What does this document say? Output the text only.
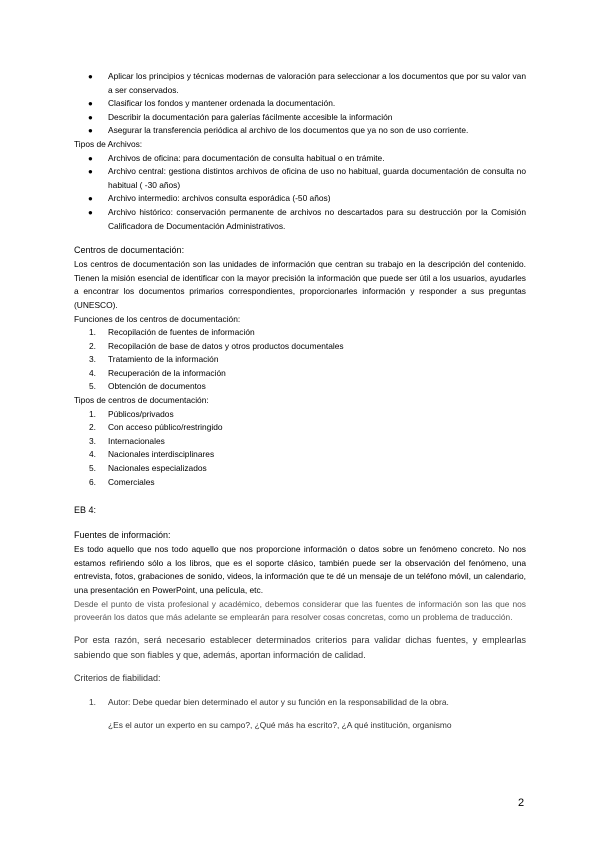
● Aplicar los principios y técnicas modernas de valoración para seleccionar a los documentos que por su valor van a ser conservados.
● Clasificar los fondos y mantener ordenada la documentación.
● Describir la documentación para galerías fácilmente accesible la información
● Asegurar la transferencia periódica al archivo de los documentos que ya no son de uso corriente.

Tipos de Archivos:

● Archivos de oficina: para documentación de consulta habitual o en trámite.
● Archivo central: gestiona distintos archivos de oficina de uso no habitual, guarda documentación de consulta no habitual ( -30 años)
● Archivo intermedio: archivos consulta esporádica (-50 años)
● Archivo histórico: conservación permanente de archivos no descartados para su destrucción por la Comisión Calificadora de Documentación Administrativos.

Centros de documentación:

Los centros de documentación son las unidades de información que centran su trabajo en la descripción del contenido. Tienen la misión esencial de identificar con la mayor precisión la información que puede ser útil a los usuarios, ayudarles a encontrar los documentos primarios correspondientes, proporcionarles información y responder a sus preguntas (UNESCO).

Funciones de los centros de documentación:

1. Recopilación de fuentes de información
2. Recopilación de base de datos y otros productos documentales
3. Tratamiento de la información
4. Recuperación de la información
5. Obtención de documentos

Tipos de centros de documentación:

1. Públicos/privados
2. Con acceso público/restringido
3. Internacionales
4. Nacionales interdisciplinares
5. Nacionales especializados
6. Comerciales

EB 4:

Fuentes de información:

Es todo aquello que nos todo aquello que nos proporcione información o datos sobre un fenómeno concreto. No nos estamos refiriendo sólo a los libros, que es el soporte clásico, también puede ser la observación del fenómeno, una entrevista, fotos, grabaciones de sonido, videos, la información que te dé un mensaje de un teléfono móvil, un calendario, una presentación en PowerPoint, una película, etc.

Desde el punto de vista profesional y académico, debemos considerar que las fuentes de información son las que nos proveerán los datos que más adelante se emplearán para resolver cosas concretas, como un problema de traducción.

Por esta razón, será necesario establecer determinados criterios para validar dichas fuentes, y emplearlas sabiendo que son fiables y que, además, aportan información de calidad.

Criterios de fiabilidad:

1. Autor: Debe quedar bien determinado el autor y su función en la responsabilidad de la obra.

¿Es el autor un experto en su campo?, ¿Qué más ha escrito?, ¿A qué institución, organismo

2
